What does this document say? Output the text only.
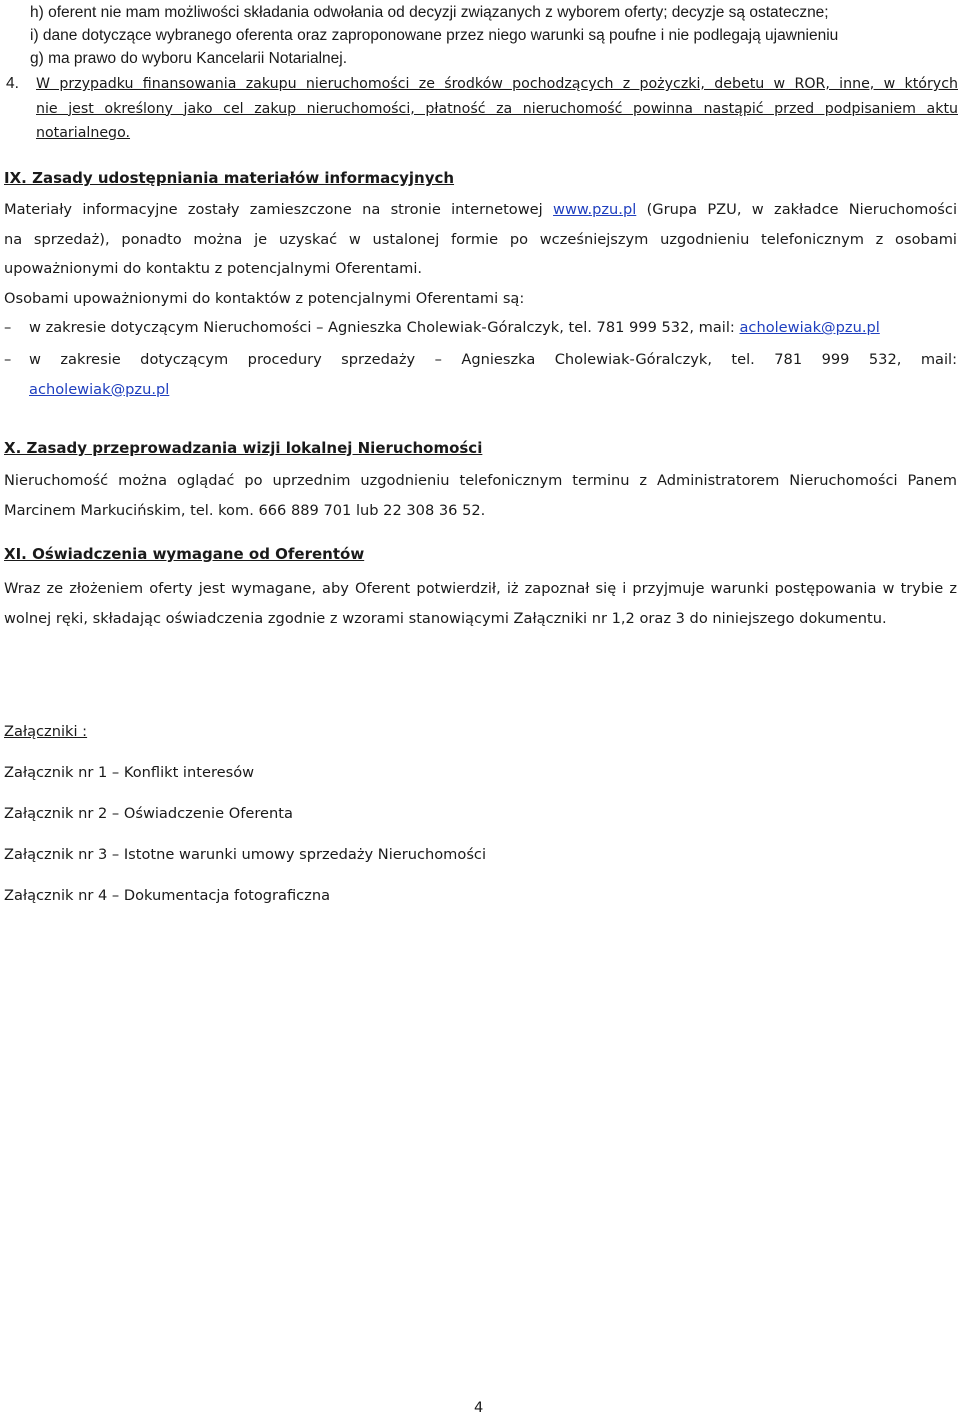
h) oferent nie mam możliwości składania odwołania od decyzji związanych z wyborem oferty; decyzje są ostateczne;
i) dane dotyczące wybranego oferenta oraz zaproponowane przez niego warunki są poufne i nie podlegają ujawnieniu
g) ma prawo do wyboru Kancelarii Notarialnej.
4. W przypadku finansowania zakupu nieruchomości ze środków pochodzących z pożyczki, debetu w ROR, inne, w których
nie jest określony jako cel zakup nieruchomości, płatność za nieruchomość powinna nastąpić przed podpisaniem aktu
notarialnego.
IX. Zasady udostępniania materiałów informacyjnych
Materiały informacyjne zostały zamieszczone na stronie internetowej www.pzu.pl (Grupa PZU, w zakładce Nieruchomości
na sprzedaż), ponadto można je uzyskać w ustalonej formie po wcześniejszym uzgodnieniu telefonicznym z osobami
upoważnionymi do kontaktu z potencjalnymi Oferentami.
Osobami upoważnionymi do kontaktów z potencjalnymi Oferentami są:
–	w zakresie dotyczącym Nieruchomości – Agnieszka Cholewiak-Góralczyk, tel. 781 999 532, mail: acholewiak@pzu.pl
–	w zakresie dotyczącym procedury sprzedaży – Agnieszka Cholewiak-Góralczyk, tel. 781 999 532, mail:
acholewiak@pzu.pl
X. Zasady przeprowadzania wizji lokalnej Nieruchomości
Nieruchomość można oglądać po uprzednim uzgodnieniu telefonicznym terminu z Administratorem Nieruchomości Panem
Marcinem Markucińskim, tel. kom. 666 889 701 lub 22 308 36 52.
XI. Oświadczenia wymagane od Oferentów
Wraz ze złożeniem oferty jest wymagane, aby Oferent potwierdził, iż zapoznał się i przyjmuje warunki postępowania w trybie z
wolnej ręki, składając oświadczenia zgodnie z wzorami stanowiącymi Załączniki nr 1,2 oraz 3 do niniejszego dokumentu.
Załączniki :
Załącznik nr 1 – Konflikt interesów
Załącznik nr 2 – Oświadczenie Oferenta
Załącznik nr 3 – Istotne warunki umowy sprzedaży Nieruchomości
Załącznik nr 4 – Dokumentacja fotograficzna
4
